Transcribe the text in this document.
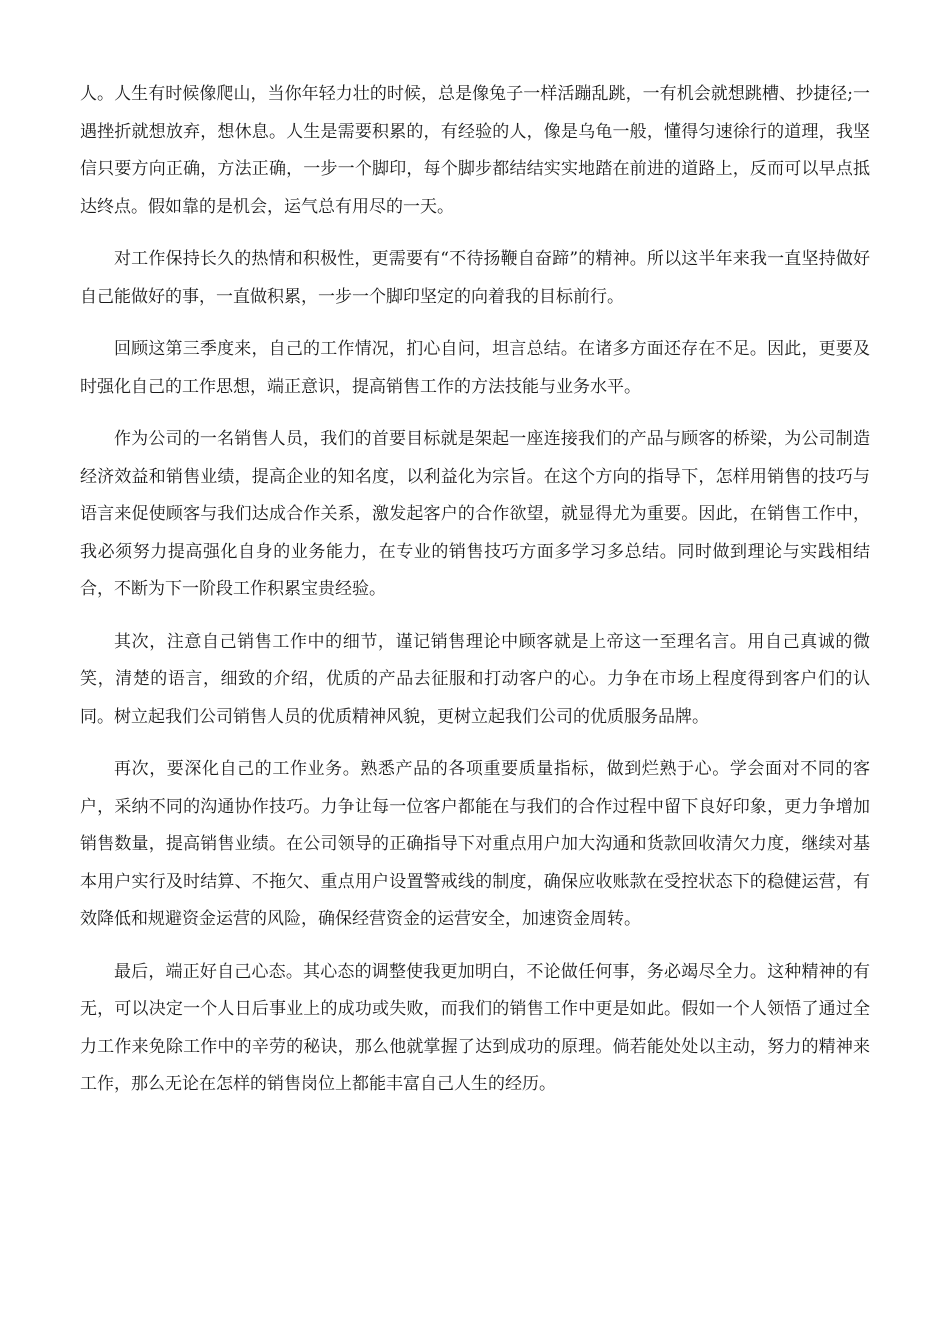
人。人生有时候像爬山，当你年轻力壮的时候，总是像兔子一样活蹦乱跳，一有机会就想跳槽、抄捷径;一遇挫折就想放弃，想休息。人生是需要积累的，有经验的人，像是乌龟一般，懂得匀速徐行的道理，我坚信只要方向正确，方法正确，一步一个脚印，每个脚步都结结实实地踏在前进的道路上，反而可以早点抵达终点。假如靠的是机会，运气总有用尽的一天。

对工作保持长久的热情和积极性，更需要有“不待扬鞭自奋蹄”的精神。所以这半年来我一直坚持做好自己能做好的事，一直做积累，一步一个脚印坚定的向着我的目标前行。

回顾这第三季度来，自己的工作情况，扪心自问，坦言总结。在诸多方面还存在不足。因此，更要及时强化自己的工作思想，端正意识，提高销售工作的方法技能与业务水平。

作为公司的一名销售人员，我们的首要目标就是架起一座连接我们的产品与顾客的桥梁，为公司制造经济效益和销售业绩，提高企业的知名度，以利益化为宗旨。在这个方向的指导下，怎样用销售的技巧与语言来促使顾客与我们达成合作关系，激发起客户的合作欲望，就显得尤为重要。因此，在销售工作中，我必须努力提高强化自身的业务能力，在专业的销售技巧方面多学习多总结。同时做到理论与实践相结合，不断为下一阶段工作积累宝贵经验。

其次，注意自己销售工作中的细节，谨记销售理论中顾客就是上帝这一至理名言。用自己真诚的微笑，清楚的语言，细致的介绍，优质的产品去征服和打动客户的心。力争在市场上程度得到客户们的认同。树立起我们公司销售人员的优质精神风貌，更树立起我们公司的优质服务品牌。

再次，要深化自己的工作业务。熟悉产品的各项重要质量指标，做到烂熟于心。学会面对不同的客户，采纳不同的沟通协作技巧。力争让每一位客户都能在与我们的合作过程中留下良好印象，更力争增加销售数量，提高销售业绩。在公司领导的正确指导下对重点用户加大沟通和货款回收清欠力度，继续对基本用户实行及时结算、不拖欠、重点用户设置警戒线的制度，确保应收账款在受控状态下的稳健运营，有效降低和规避资金运营的风险，确保经营资金的运营安全，加速资金周转。

最后，端正好自己心态。其心态的调整使我更加明白，不论做任何事，务必竭尽全力。这种精神的有无，可以决定一个人日后事业上的成功或失败，而我们的销售工作中更是如此。假如一个人领悟了通过全力工作来免除工作中的辛劳的秘诀，那么他就掌握了达到成功的原理。倘若能处处以主动，努力的精神来工作，那么无论在怎样的销售岗位上都能丰富自己人生的经历。
